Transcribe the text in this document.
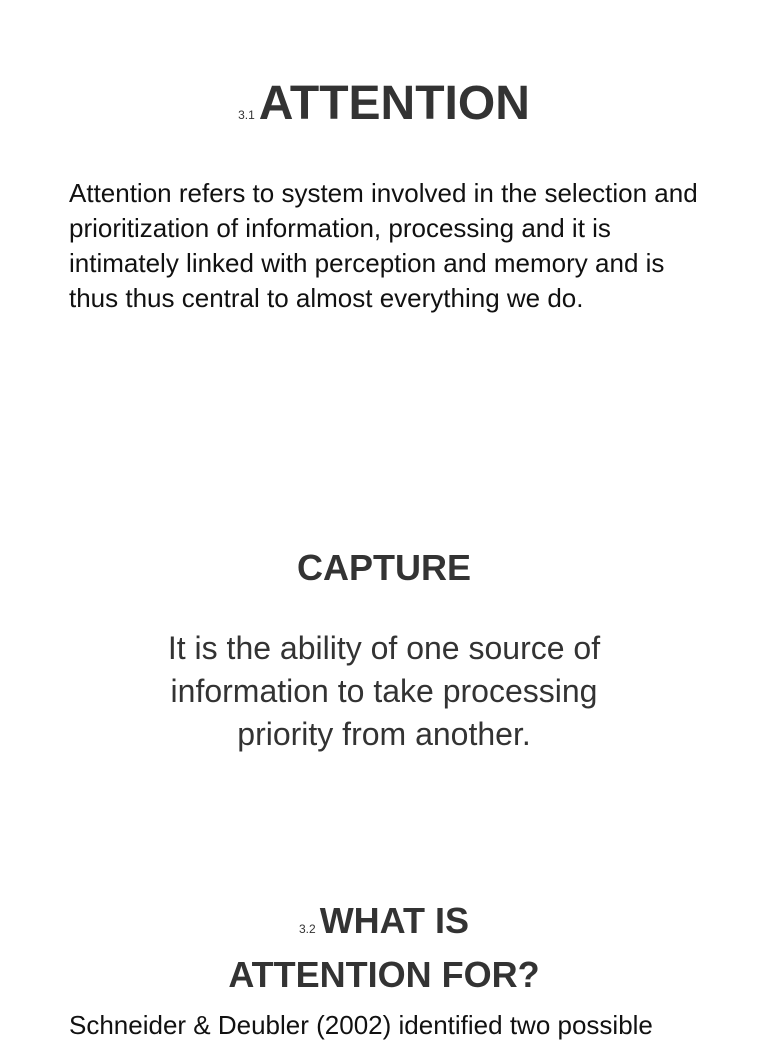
3.1ATTENTION
Attention refers to system involved in the selection and prioritization of information, processing and it is intimately linked with perception and memory and is thus thus central to almost everything we do.
CAPTURE
It is the ability of one source of
information to take processing
priority from another.
3.2 WHAT IS
ATTENTION FOR?
Schneider & Deubler (2002) identified two possible
